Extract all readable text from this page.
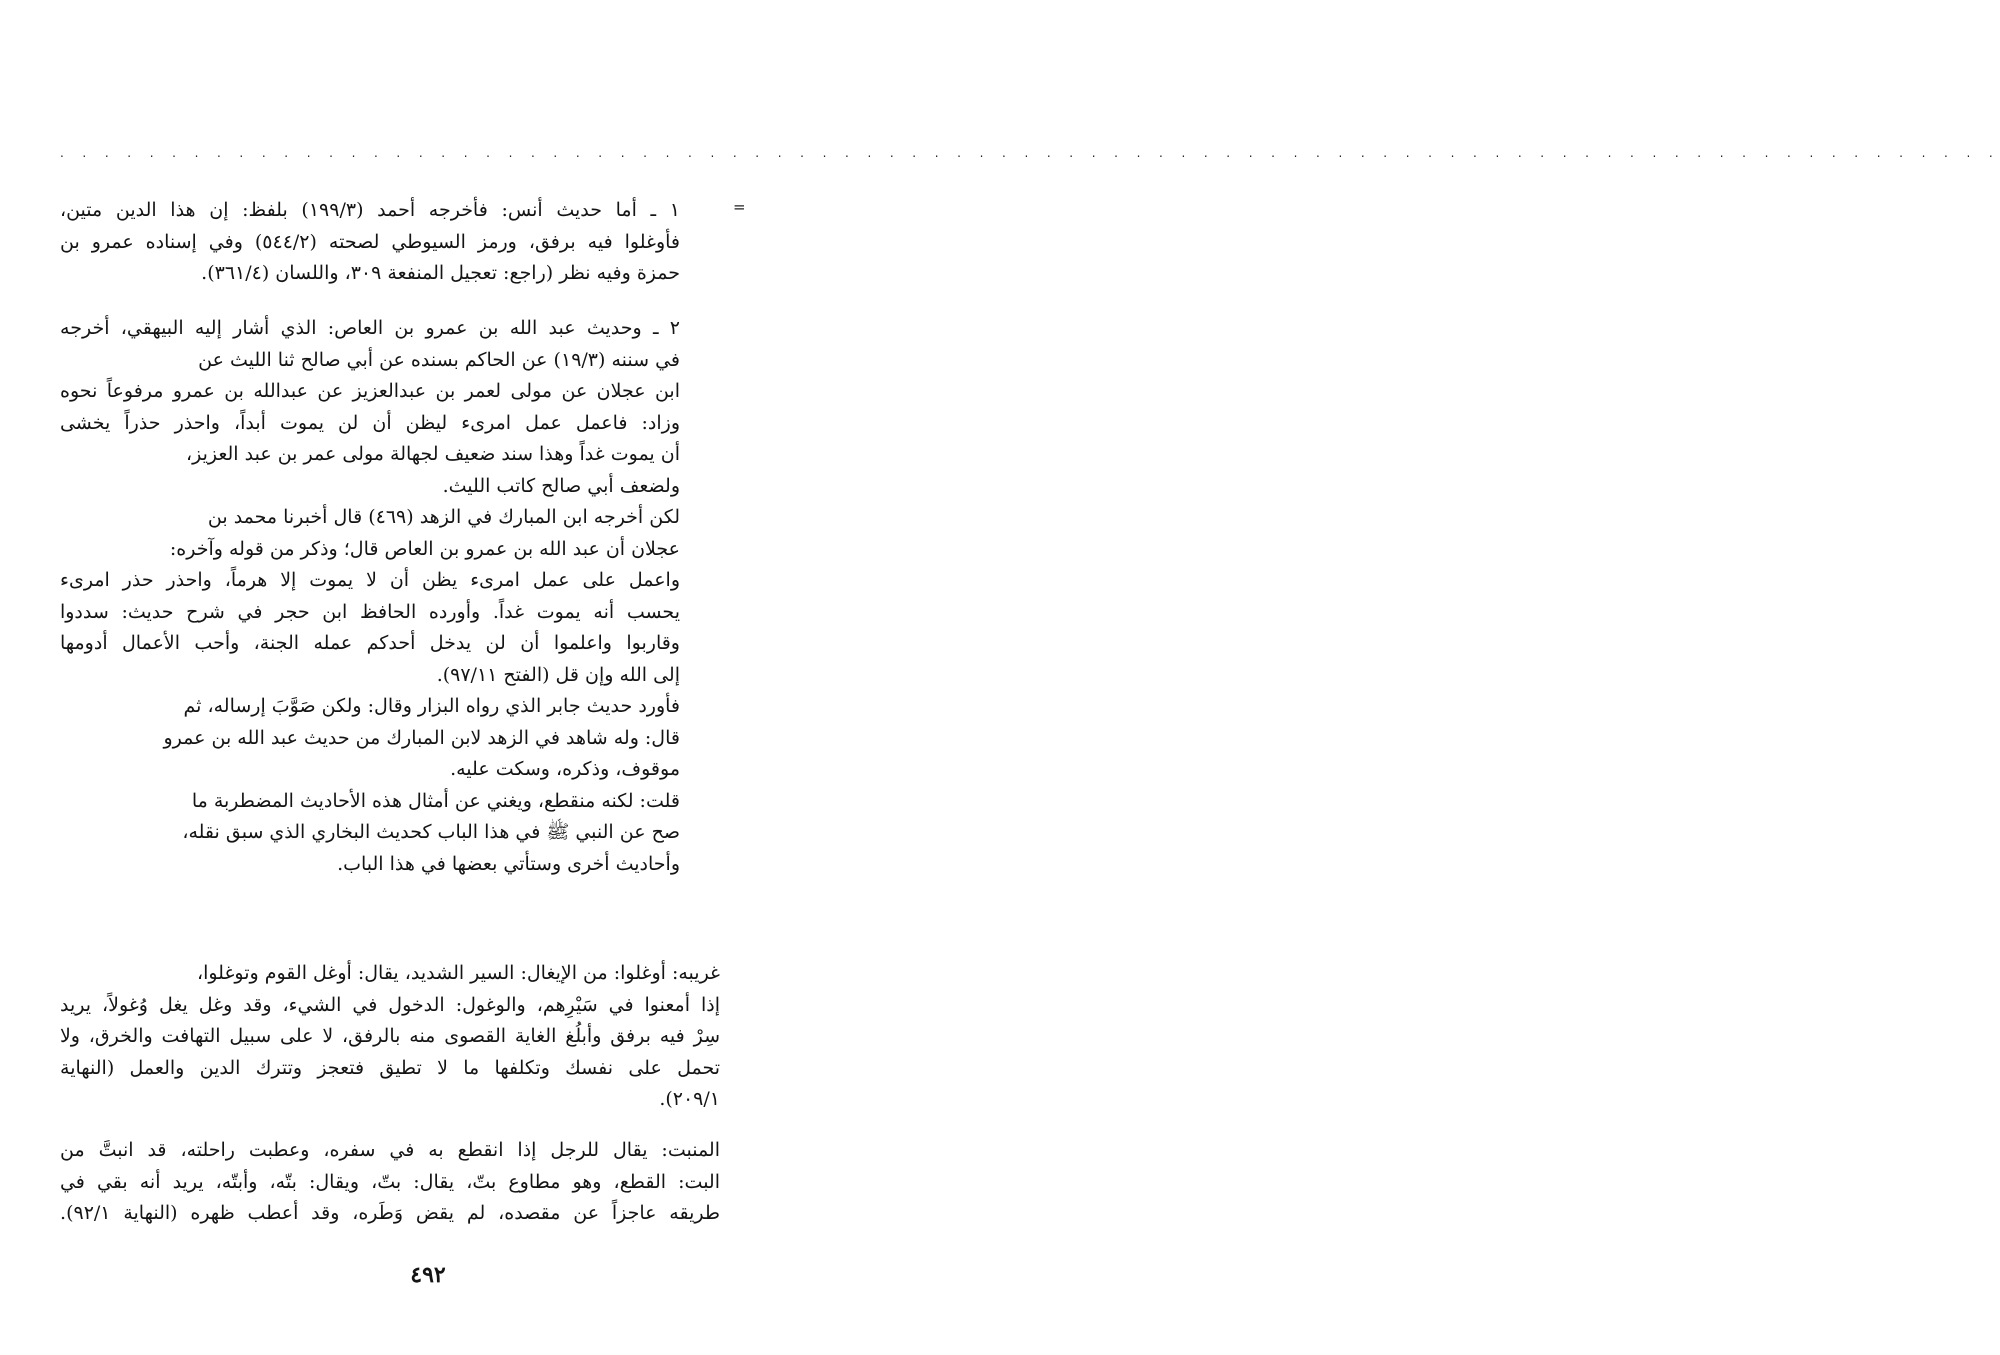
. . . . . . . . . . . . . . . . . . . . . . . . . . . . . . . . . . . . . . . . . . . . . . . . . . . . . . . . . . . . . . . . . . . . . . . . . . . . . . . . . . . . . . .
=
١ ـ أما حديث أنس: فأخرجه أحمد (١٩٩/٣) بلفظ: إن هذا الدين متين،
فأوغلوا فيه برفق، ورمز السيوطي لصحته (٥٤٤/٢) وفي إسناده عمرو بن
حمزة وفيه نظر (راجع: تعجيل المنفعة ٣٠٩، واللسان (٣٦١/٤).
٢ ـ وحديث عبد الله بن عمرو بن العاص: الذي أشار إليه البيهقي، أخرجه
في سننه (١٩/٣) عن الحاكم بسنده عن أبي صالح ثنا الليث عن
ابن عجلان عن مولى لعمر بن عبدالعزيز عن عبدالله بن عمرو مرفوعاً نحوه
وزاد: فاعمل عمل امرىء ليظن أن لن يموت أبداً، واحذر حذراً يخشى
أن يموت غداً وهذا سند ضعيف لجهالة مولى عمر بن عبد العزيز،
ولضعف أبي صالح كاتب الليث.
لكن أخرجه ابن المبارك في الزهد (٤٦٩) قال أخبرنا محمد بن
عجلان أن عبد الله بن عمرو بن العاص قال؛ وذكر من قوله وآخره:
واعمل على عمل امرىء يظن أن لا يموت إلا هرماً، واحذر حذر امرىء
يحسب أنه يموت غداً. وأورده الحافظ ابن حجر في شرح حديث: سددوا
وقاربوا واعلموا أن لن يدخل أحدكم عمله الجنة، وأحب الأعمال أدومها
إلى الله وإن قل (الفتح ٩٧/١١).
فأورد حديث جابر الذي رواه البزار وقال: ولكن صَوَّبَ إرساله، ثم
قال: وله شاهد في الزهد لابن المبارك من حديث عبد الله بن عمرو
موقوف، وذكره، وسكت عليه.
قلت: لكنه منقطع، ويغني عن أمثال هذه الأحاديث المضطربة ما
صح عن النبي ﷺ في هذا الباب كحديث البخاري الذي سبق نقله،
وأحاديث أخرى وستأتي بعضها في هذا الباب.
غريبه: أوغلوا: من الإيغال: السير الشديد، يقال: أوغل القوم وتوغلوا،
إذا أمعنوا في سَيْرِهم، والوغول: الدخول في الشيء، وقد وغل يغل وُغولاً، يريد
سِرْ فيه برفق وأبلُغ الغاية القصوى منه بالرفق، لا على سبيل التهافت والخرق، ولا
تحمل على نفسك وتكلفها ما لا تطيق فتعجز وتترك الدين والعمل (النهاية
٢٠٩/١).
المنبت: يقال للرجل إذا انقطع به في سفره، وعطبت راحلته، قد انبتَّ من
البت: القطع، وهو مطاوع بتّ، يقال: بتّ، ويقال: بتّه، وأبتّه، يريد أنه بقي في
طريقه عاجزاً عن مقصده، لم يقض وَطَره، وقد أعطب ظهره (النهاية ٩٢/١).
٤٩٢
